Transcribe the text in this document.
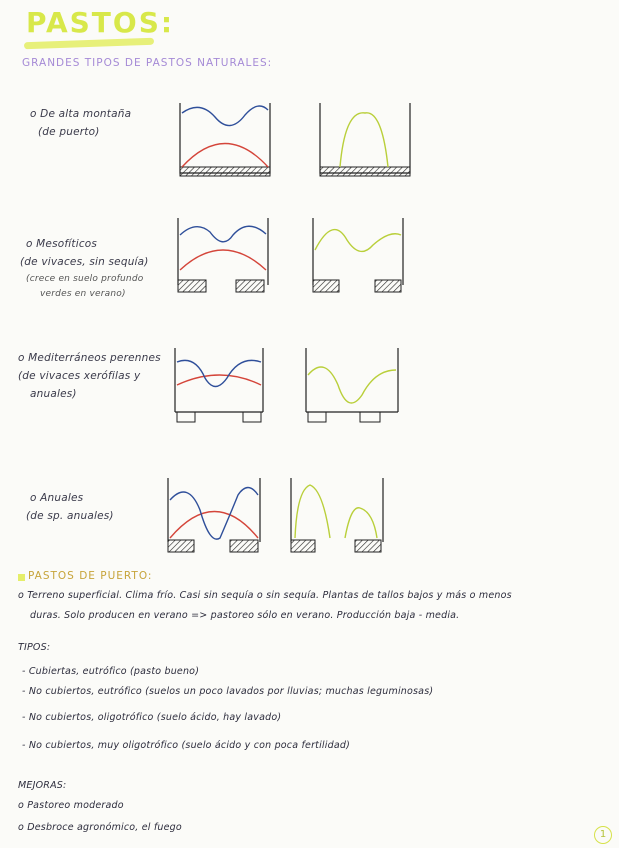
PASTOS:
GRANDES TIPOS DE PASTOS NATURALES:
o De alta montaña
(de puerto)
o Mesofíticos
(de vivaces, sin sequía)
(crece en suelo profundo
verdes en verano)
o Mediterráneos perennes
(de vivaces xerófilas y
anuales)
o Anuales
(de sp. anuales)
PASTOS DE PUERTO:
o Terreno superficial. Clima frío. Casi sin sequía o sin sequía. Plantas de tallos bajos y más o menos
duras. Solo producen en verano => pastoreo sólo en verano. Producción baja - media.
TIPOS:
- Cubiertas, eutrófico (pasto bueno)
- No cubiertos, eutrófico (suelos un poco lavados por lluvias; muchas leguminosas)
- No cubiertos, oligotrófico (suelo ácido, hay lavado)
- No cubiertos, muy oligotrófico (suelo ácido y con poca fertilidad)
MEJORAS:
o Pastoreo moderado
o Desbroce agronómico, el fuego
1
